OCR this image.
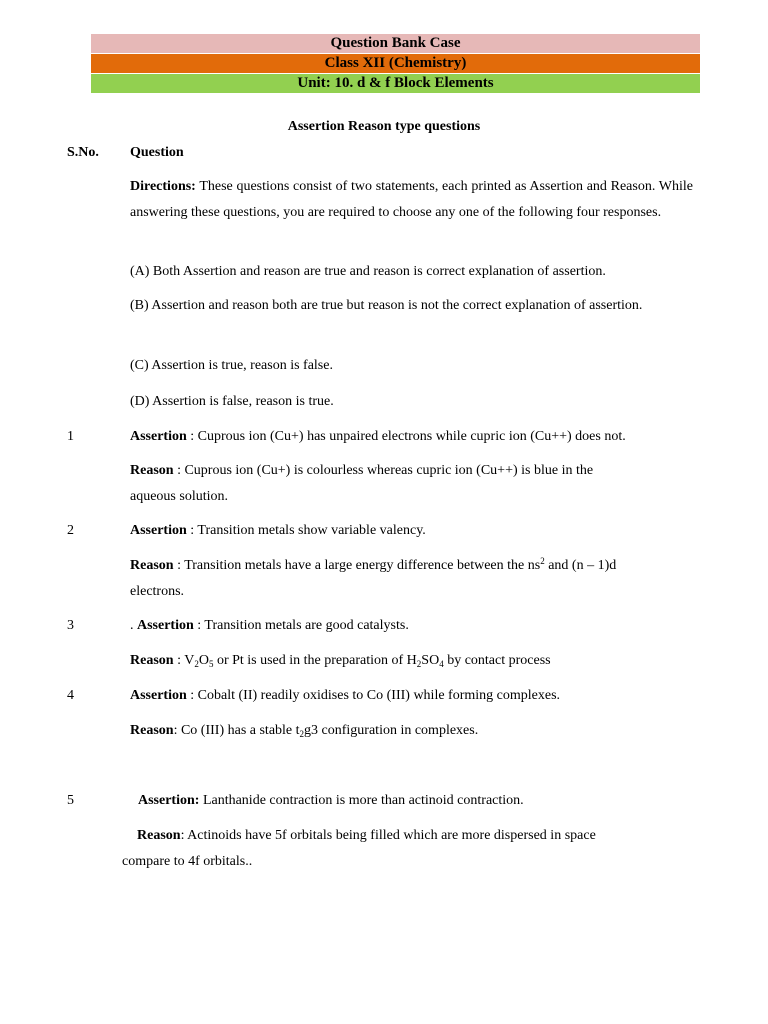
Question Bank Case
Class XII (Chemistry)
Unit: 10. d & f Block Elements
Assertion Reason type questions
S.No. Question
Directions: These questions consist of two statements, each printed as Assertion and Reason. While answering these questions, you are required to choose any one of the following four responses.
(A) Both Assertion and reason are true and reason is correct explanation of assertion.
(B) Assertion and reason both are true but reason is not the correct explanation of assertion.
(C) Assertion is true, reason is false.
(D) Assertion is false, reason is true.
1	Assertion : Cuprous ion (Cu+) has unpaired electrons while cupric ion (Cu++) does not.
Reason : Cuprous ion (Cu+) is colourless whereas cupric ion (Cu++) is blue in the
aqueous solution.
2	Assertion : Transition metals show variable valency.
Reason : Transition metals have a large energy difference between the $ns^2$ and (n – 1)d
electrons.
3	. Assertion : Transition metals are good catalysts.
Reason : $V_2O_5$ or Pt is used in the preparation of $H_2SO_4$ by contact process
4	Assertion : Cobalt (II) readily oxidises to Co (III) while forming complexes.
Reason: Co (III) has a stable $t_2g3$ configuration in complexes.
5	Assertion: Lanthanide contraction is more than actinoid contraction.
Reason: Actinoids have 5f orbitals being filled which are more dispersed in space
compare to 4f orbitals..
